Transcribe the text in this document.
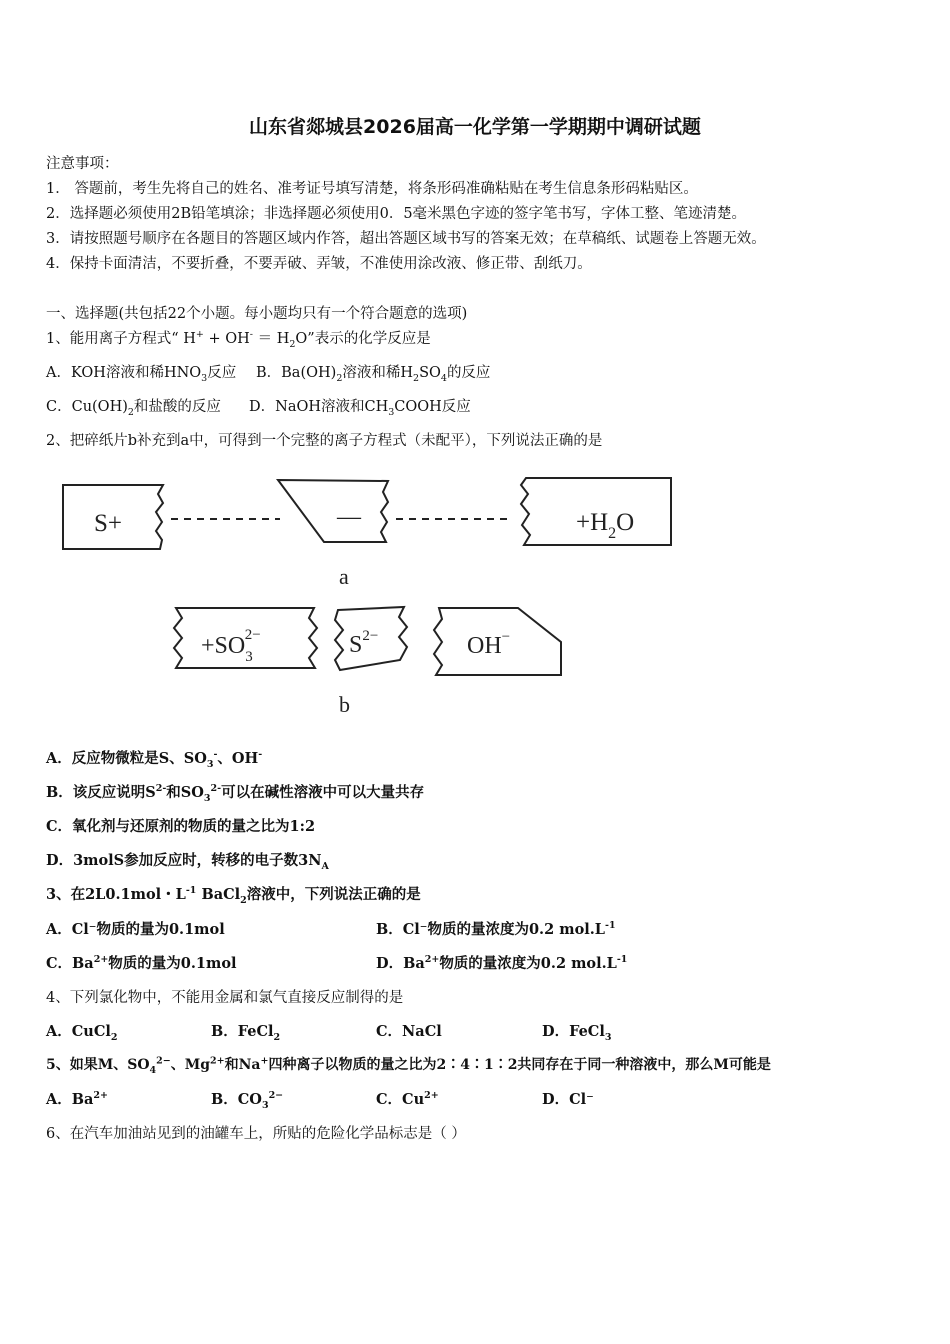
山东省郯城县2026届高一化学第一学期期中调研试题
注意事项：
1． 答题前，考生先将自己的姓名、准考证号填写清楚，将条形码准确粘贴在考生信息条形码粘贴区。
2．选择题必须使用2B铅笔填涂；非选择题必须使用0．5毫米黑色字迹的签字笔书写，字体工整、笔迹清楚。
3．请按照题号顺序在各题目的答题区域内作答，超出答题区域书写的答案无效；在草稿纸、试题卷上答题无效。
4．保持卡面清洁，不要折叠，不要弄破、弄皱，不准使用涂改液、修正带、刮纸刀。
一、选择题(共包括22个小题。每小题均只有一个符合题意的选项)
1、能用离子方程式“ $H^+ + OH^- = H_2O$”表示的化学反应是
A．KOH溶液和稀$HNO_3$反应 B．$Ba(OH)_2$溶液和稀$H_2SO_4$的反应
C．$Cu(OH)_2$和盐酸的反应 D．NaOH溶液和$CH_3COOH$反应
2、把碎纸片b补充到a中，可得到一个完整的离子方程式（未配平），下列说法正确的是
S+	—	$+H_2O$
a
$+SO_32-$	$S^{2-}$	OH−
b
A．反应物微粒是S、$SO_3^-$、OH-
B．该反应说明$S^{2-}$和$SO_3^{2-}$可以在碱性溶液中可以大量共存
C．氧化剂与还原剂的物质的量之比为1:2
D．3molS参加反应时，转移的电子数$3N_A$
3、在2L0.1mol・$L^{-1}$ BaCl$_2$溶液中，下列说法正确的是
A．Cl⁻物质的量为0.1mol	B．Cl⁻物质的量浓度为0.2 $mol.L^{-1}$
C．$Ba^{2+}$物质的量为0.1mol	D．$Ba^{2+}$物质的量浓度为0.2 $mol.L^{-1}$
4、下列氯化物中，不能用金属和氯气直接反应制得的是
A．CuCl$_2$	B．FeCl$_2$	C．NaCl	D．FeCl$_3$
5、如果M、$SO_4^{2-}$、$Mg^{2+}$和Na+四种离子以物质的量之比为2∶4∶1∶2共同存在于同一种溶液中，那么M可能是
A．$Ba^{2+}$	B．$CO_3^{2-}$	C．$Cu^{2+}$	D．Cl⁻
6、在汽车加油站见到的油罐车上，所贴的危险化学品标志是（ ）
